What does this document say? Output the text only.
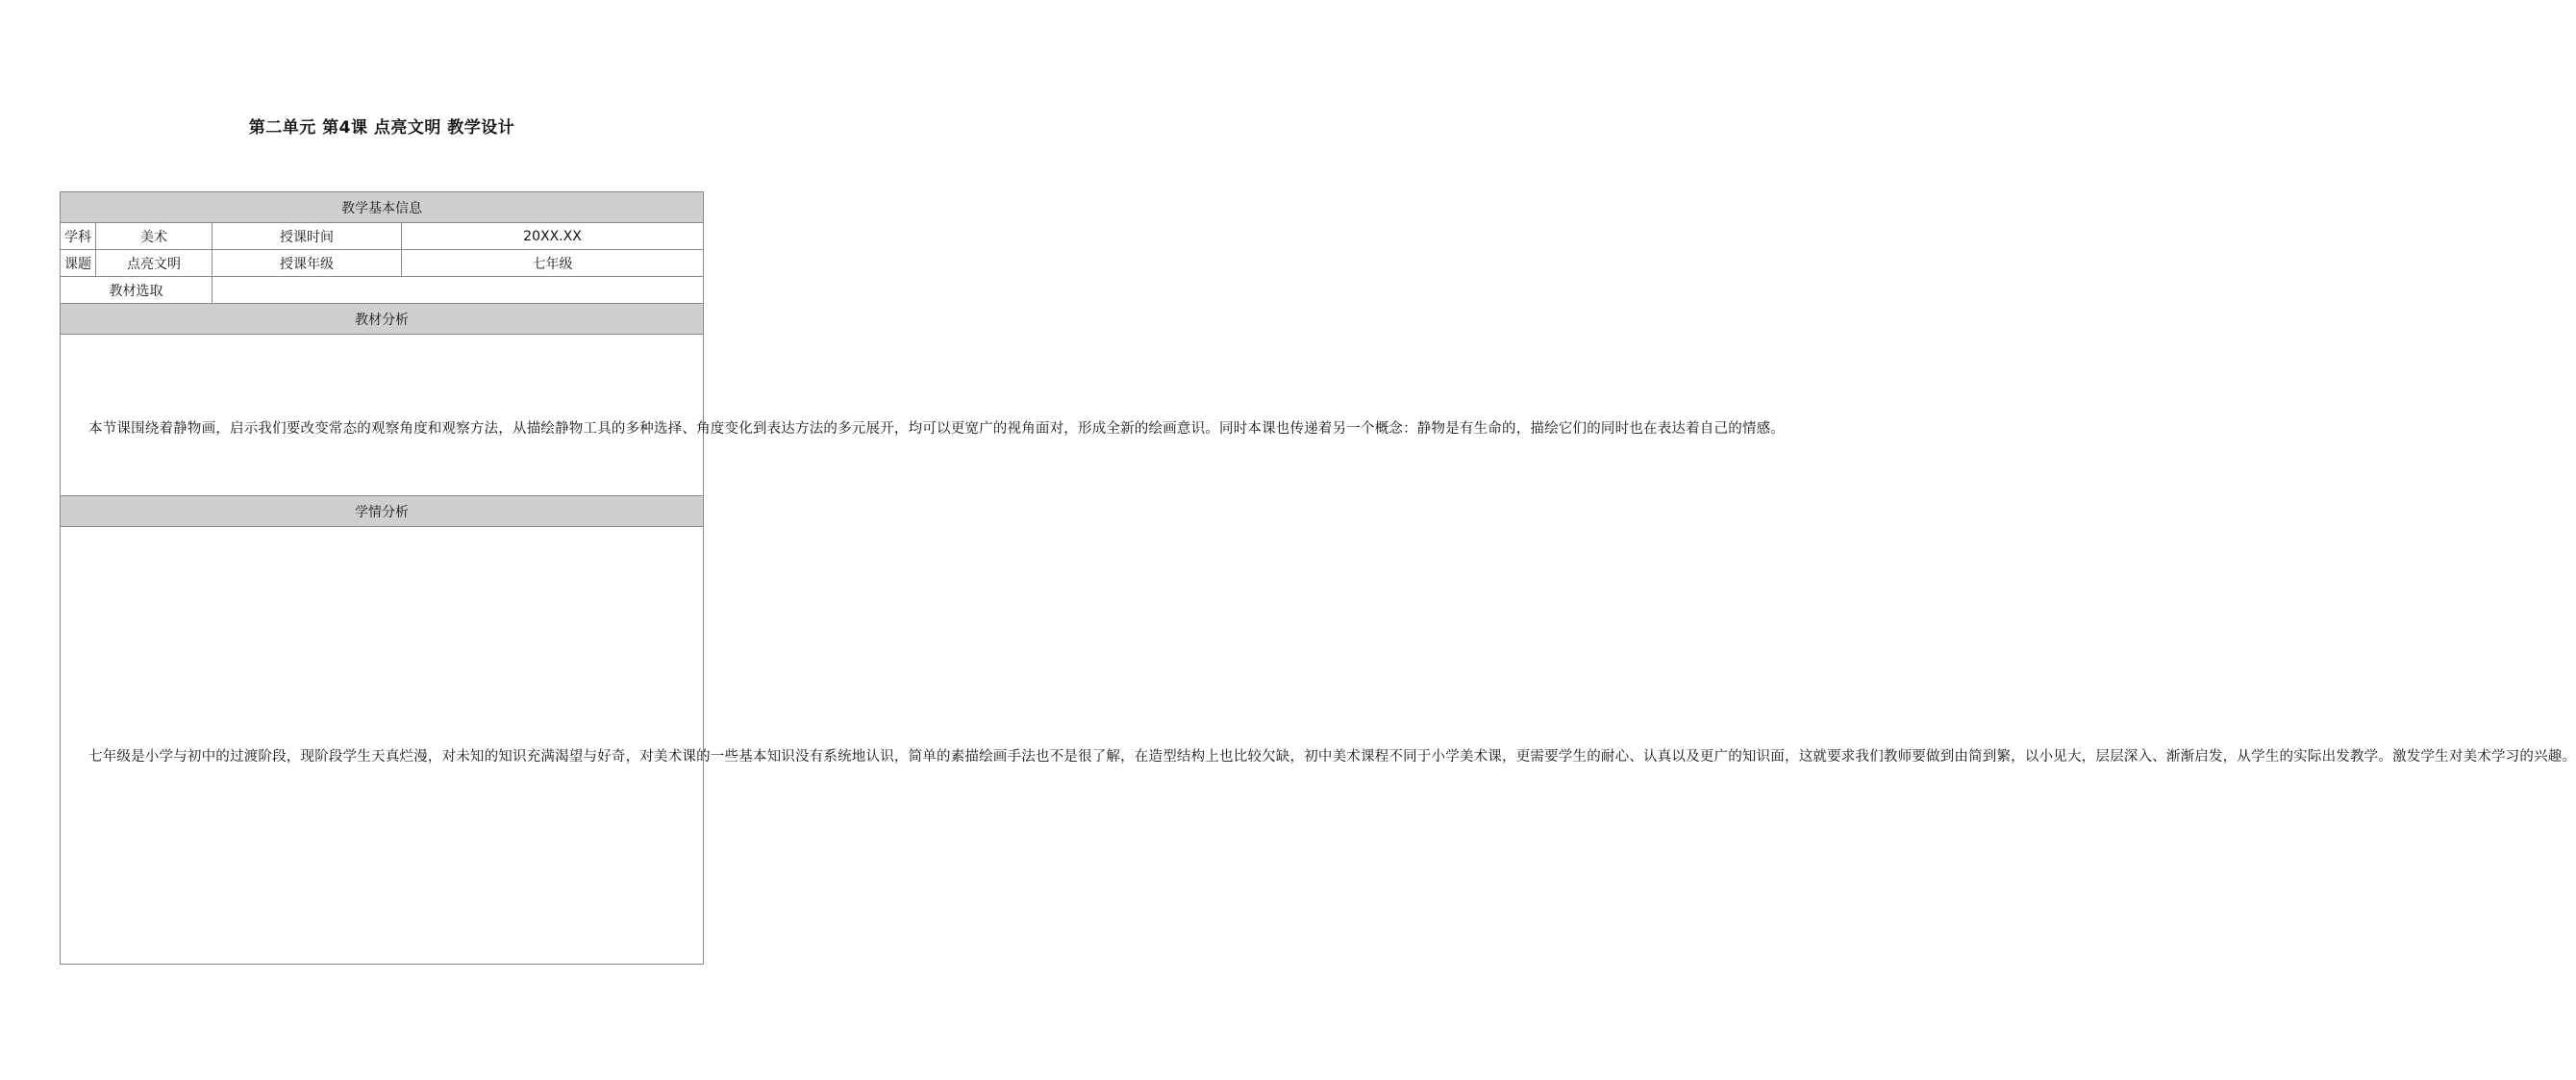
第二单元 第4课 点亮文明 教学设计
教学基本信息			
学科	美术	授课时间	20XX.XX
课题	点亮文明	授课年级	七年级
教材选取			
教材分析			

本节课围绕着静物画，启示我们要改变常态的观察角度和观察方法，从描绘静物工具的多种选择、角度变化到表达方法的多元展开，均可以更宽广的视角面对，形成全新的绘画意识。同时本课也传递着另一个概念：静物是有生命的，描绘它们的同时也在表达着自己的情感。			

学情分析			

七年级是小学与初中的过渡阶段，现阶段学生天真烂漫，对未知的知识充满渴望与好奇，对美术课的一些基本知识没有系统地认识，简单的素描绘画手法也不是很了解，在造型结构上也比较欠缺，初中美术课程不同于小学美术课，更需要学生的耐心、认真以及更广的知识面，这就要求我们教师要做到由简到繁，以小见大，层层深入、渐渐启发，从学生的实际出发教学。激发学生对美术学习的兴趣。			
